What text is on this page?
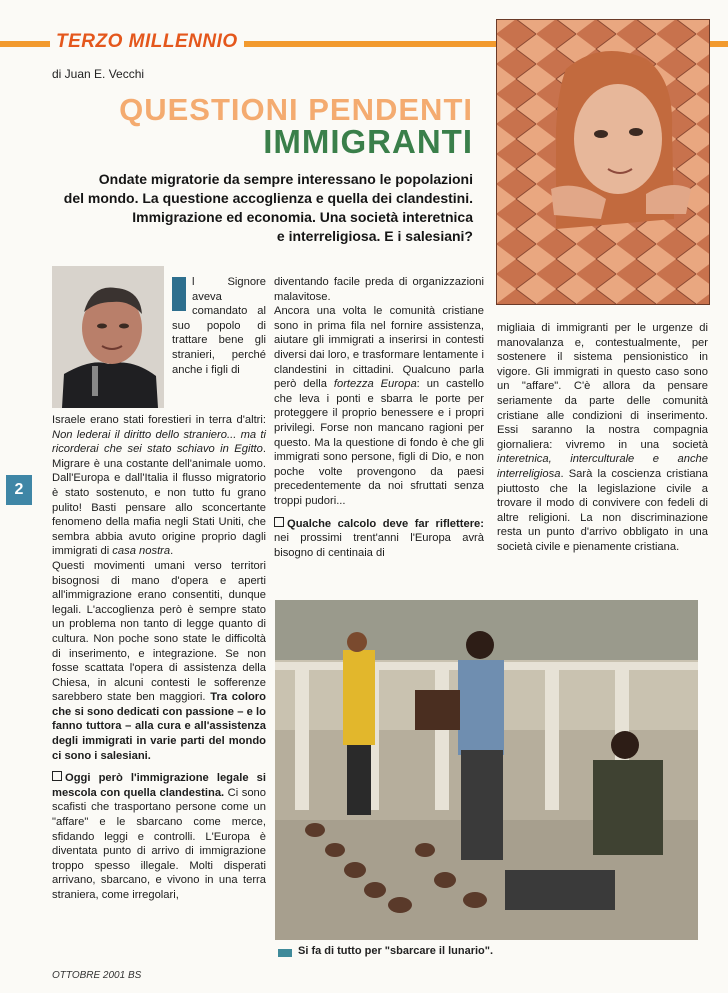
TERZO MILLENNIO
di Juan E. Vecchi
QUESTIONI PENDENTI
IMMIGRANTI
Ondate migratorie da sempre interessano le popolazioni
del mondo. La questione accoglienza e quella dei clandestini.
Immigrazione ed economia. Una società interetnica
e interreligiosa. E i salesiani?
2

l Signore aveva comandato al suo popolo di trattare bene gli stranieri, perché anche i figli di

Israele erano stati forestieri in terra d'altri: Non lederai il diritto dello straniero... ma ti ricorderai che sei stato schiavo in Egitto. Migrare è una costante dell'animale uomo. Dall'Europa e dall'Italia il flusso migratorio è stato sostenuto, e non tutto fu grano pulito! Basti pensare allo sconcertante fenomeno della mafia negli Stati Uniti, che sembra abbia avuto origine proprio dagli immigrati di casa nostra.

Questi movimenti umani verso territori bisognosi di mano d'opera e aperti all'immigrazione erano consentiti, dunque legali. L'accoglienza però è sempre stato un problema non tanto di legge quanto di cultura. Non poche sono state le difficoltà di inserimento, e integrazione. Se non fosse scattata l'opera di assistenza della Chiesa, in alcuni contesti le sofferenze sarebbero state ben maggiori. Tra coloro che si sono dedicati con passione – e lo fanno tuttora – alla cura e all'assistenza degli immigrati in varie parti del mondo ci sono i salesiani.

Oggi però l'immigrazione legale si mescola con quella clandestina. Ci sono scafisti che trasportano persone come un "affare" e le sbarcano come merce, sfidando leggi e controlli. L'Europa è diventata punto di arrivo di immigrazione troppo spesso illegale. Molti disperati arrivano, sbarcano, e vivono in una terra straniera, come irregolari,

diventando facile preda di organizzazioni malavitose.

Ancora una volta le comunità cristiane sono in prima fila nel fornire assistenza, aiutare gli immigrati a inserirsi in contesti diversi dai loro, e trasformare lentamente i clandestini in cittadini. Qualcuno parla però della fortezza Europa: un castello che leva i ponti e sbarra le porte per proteggere il proprio benessere e i propri privilegi. Forse non mancano ragioni per questo. Ma la questione di fondo è che gli immigrati sono persone, figli di Dio, e non poche volte provengono da paesi precedentemente da noi sfruttati senza troppi pudori...

Qualche calcolo deve far riflettere: nei prossimi trent'anni l'Europa avrà bisogno di centinaia di

migliaia di immigranti per le urgenze di manovalanza e, contestualmente, per sostenere il sistema pensionistico in vigore. Gli immigrati in questo caso sono un "affare". C'è allora da pensare seriamente da parte delle comunità cristiane alle condizioni di inserimento. Essi saranno la nostra compagnia giornaliera: vivremo in una società interetnica, interculturale e anche interreligiosa. Sarà la coscienza cristiana piuttosto che la legislazione civile a trovare il modo di convivere con fedeli di altre religioni. La non discriminazione resta un punto d'arrivo obbligato in una società civile e pienamente cristiana.

Si fa di tutto per "sbarcare il lunario".
OTTOBRE 2001 BS
